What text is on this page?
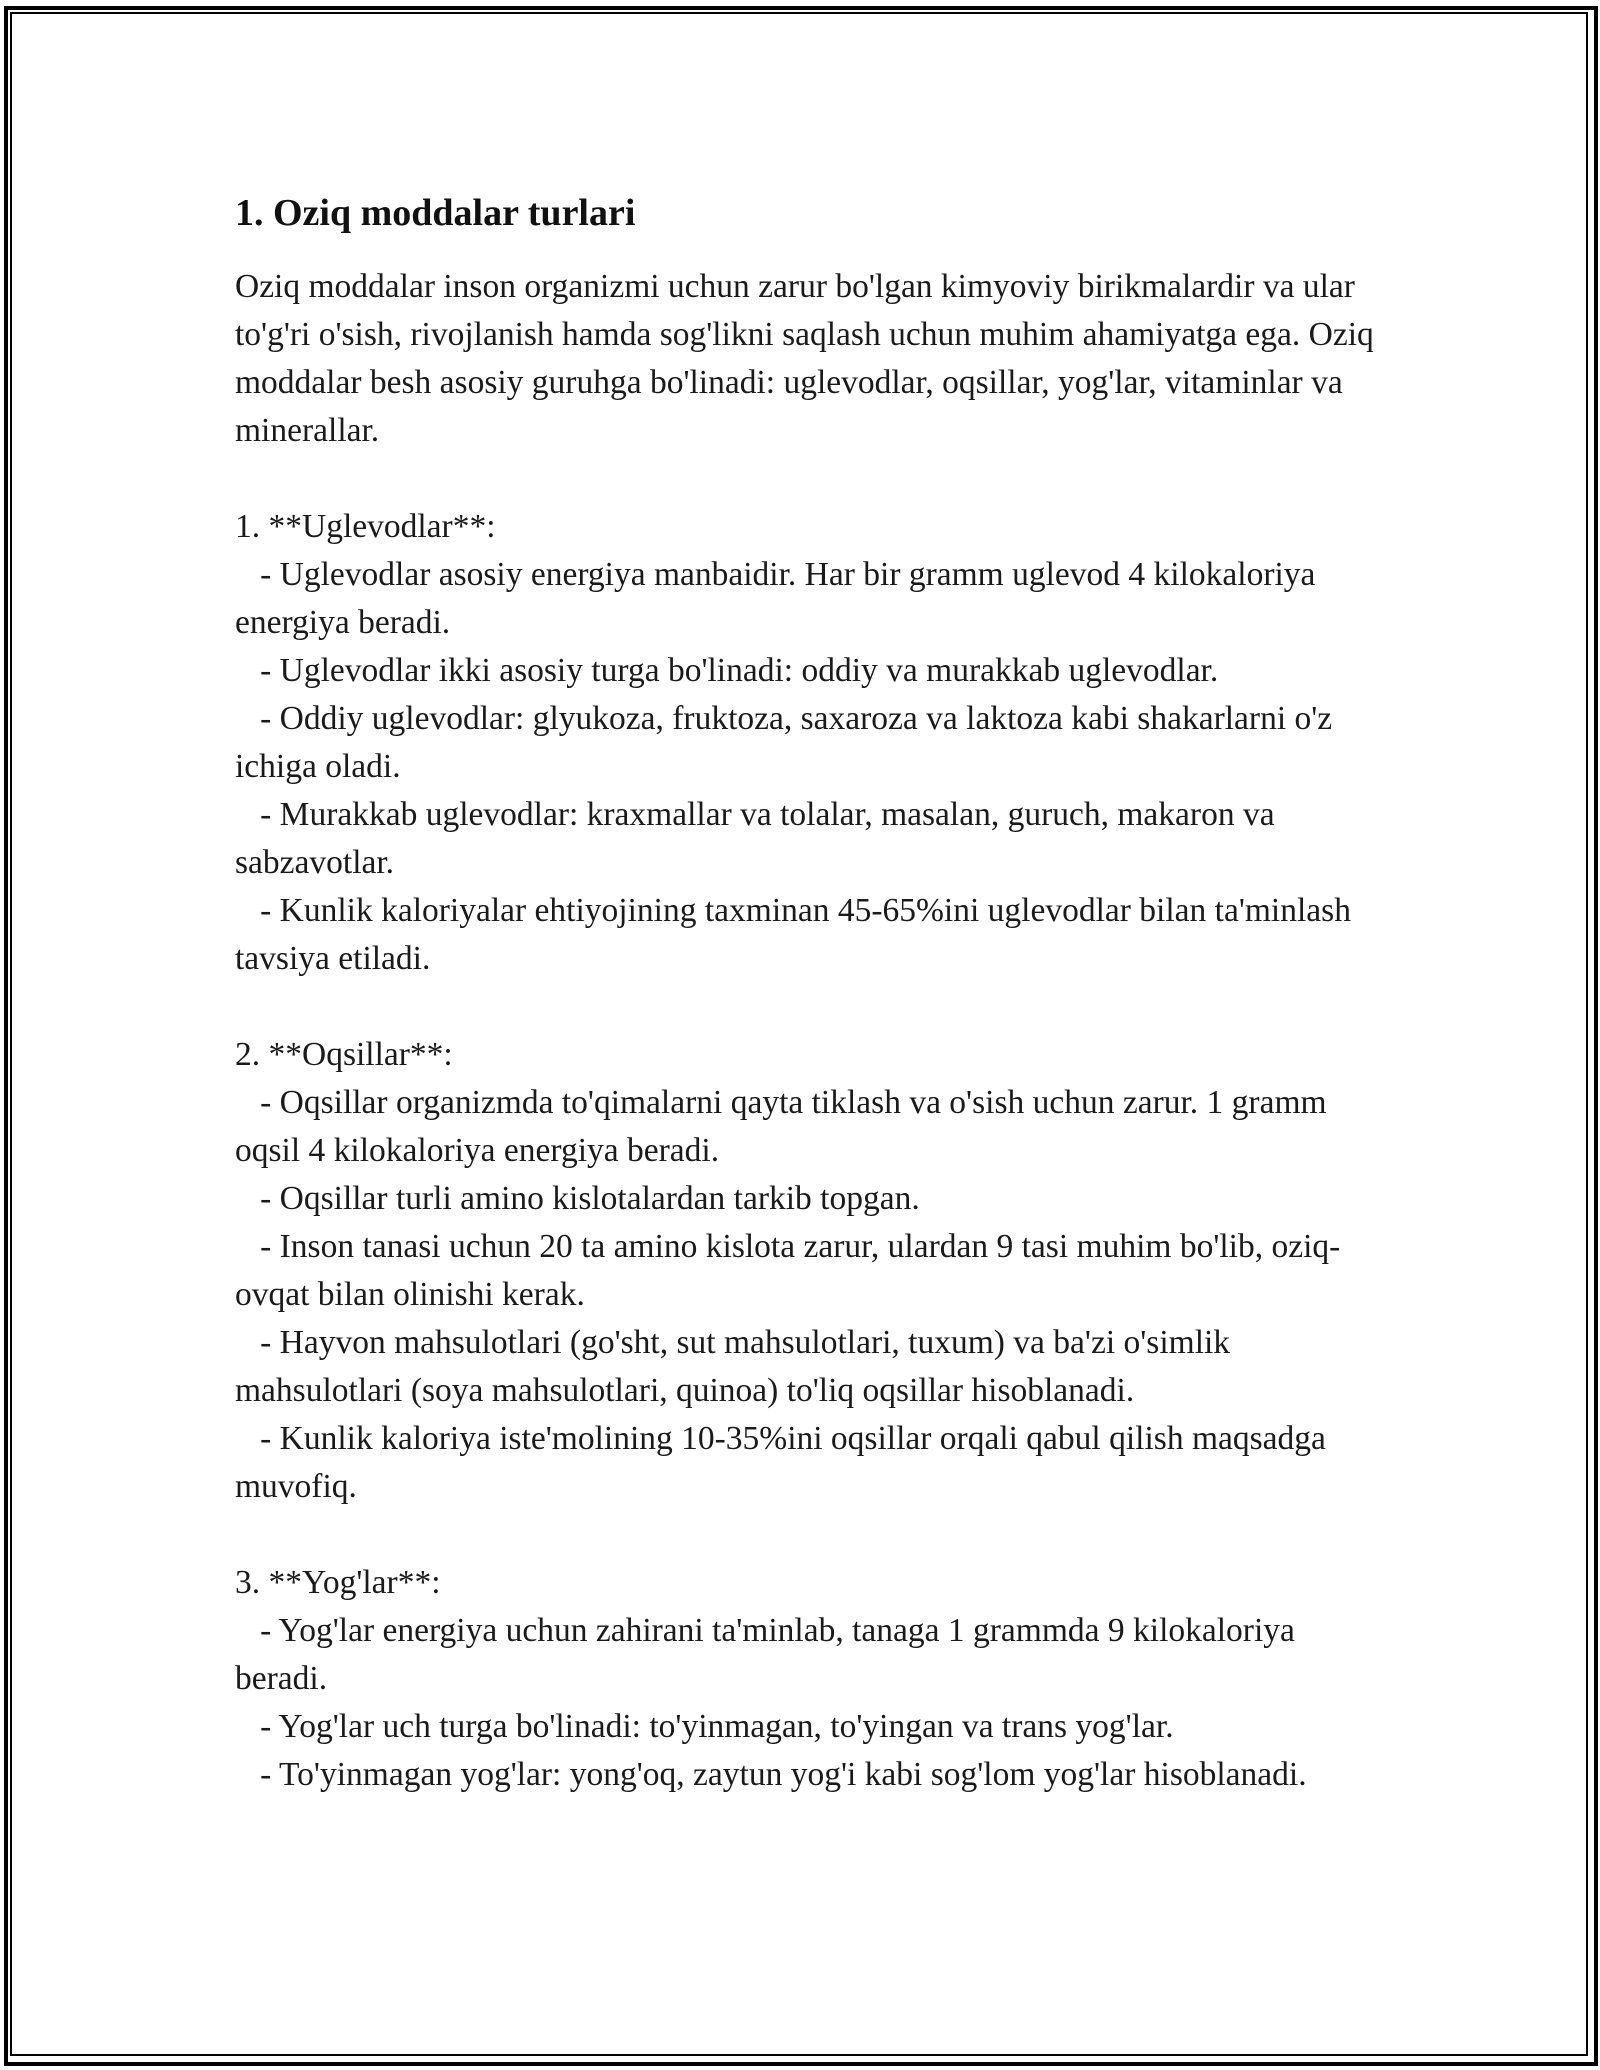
1. Oziq moddalar turlari
Oziq moddalar inson organizmi uchun zarur bo'lgan kimyoviy birikmalardir va ular to'g'ri o'sish, rivojlanish hamda sog'likni saqlash uchun muhim ahamiyatga ega. Oziq moddalar besh asosiy guruhga bo'linadi: uglevodlar, oqsillar, yog'lar, vitaminlar va minerallar.
1. **Uglevodlar**:
- Uglevodlar asosiy energiya manbaidir. Har bir gramm uglevod 4 kilokaloriya energiya beradi.
- Uglevodlar ikki asosiy turga bo'linadi: oddiy va murakkab uglevodlar.
- Oddiy uglevodlar: glyukoza, fruktoza, saxaroza va laktoza kabi shakarlarni o'z ichiga oladi.
- Murakkab uglevodlar: kraxmallar va tolalar, masalan, guruch, makaron va sabzavotlar.
- Kunlik kaloriyalar ehtiyojining taxminan 45-65%ini uglevodlar bilan ta'minlash tavsiya etiladi.
2. **Oqsillar**:
- Oqsillar organizmda to'qimalarni qayta tiklash va o'sish uchun zarur. 1 gramm oqsil 4 kilokaloriya energiya beradi.
- Oqsillar turli amino kislotalardan tarkib topgan.
- Inson tanasi uchun 20 ta amino kislota zarur, ulardan 9 tasi muhim bo'lib, oziq-ovqat bilan olinishi kerak.
- Hayvon mahsulotlari (go'sht, sut mahsulotlari, tuxum) va ba'zi o'simlik mahsulotlari (soya mahsulotlari, quinoa) to'liq oqsillar hisoblanadi.
- Kunlik kaloriya iste'molining 10-35%ini oqsillar orqali qabul qilish maqsadga muvofiq.
3. **Yog'lar**:
- Yog'lar energiya uchun zahirani ta'minlab, tanaga 1 grammda 9 kilokaloriya beradi.
- Yog'lar uch turga bo'linadi: to'yinmagan, to'yingan va trans yog'lar.
- To'yinmagan yog'lar: yong'oq, zaytun yog'i kabi sog'lom yog'lar hisoblanadi.
